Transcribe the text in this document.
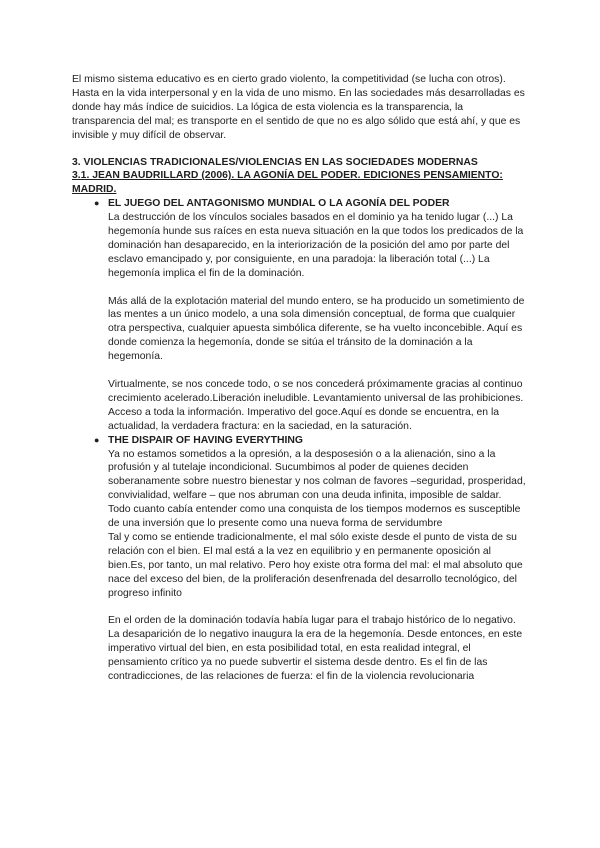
El mismo sistema educativo es en cierto grado violento, la competitividad (se lucha con otros). Hasta en la vida interpersonal y en la vida de uno mismo. En las sociedades más desarrolladas es donde hay más índice de suicidios. La lógica de esta violencia es la transparencia, la transparencia del mal; es transporte en el sentido de que no es algo sólido que está ahí, y que es invisible y muy difícil de observar.

3. VIOLENCIAS TRADICIONALES/VIOLENCIAS EN LAS SOCIEDADES MODERNAS
3.1. JEAN BAUDRILLARD (2006). LA AGONÍA DEL PODER. EDICIONES PENSAMIENTO: MADRID.
● EL JUEGO DEL ANTAGONISMO MUNDIAL O LA AGONÍA DEL PODER

La destrucción de los vínculos sociales basados en el dominio ya ha tenido lugar (...) La hegemonía hunde sus raíces en esta nueva situación en la que todos los predicados de la dominación han desaparecido, en la interiorización de la posición del amo por parte del esclavo emancipado y, por consiguiente, en una paradoja: la liberación total (...) La hegemonía implica el fin de la dominación.

Más allá de la explotación material del mundo entero, se ha producido un sometimiento de las mentes a un único modelo, a una sola dimensión conceptual, de forma que cualquier otra perspectiva, cualquier apuesta simbólica diferente, se ha vuelto inconcebible. Aquí es donde comienza la hegemonía, donde se sitúa el tránsito de la dominación a la hegemonía.

Virtualmente, se nos concede todo, o se nos concederá próximamente gracias al continuo crecimiento acelerado.Liberación ineludible. Levantamiento universal de las prohibiciones. Acceso a toda la información. Imperativo del goce.Aquí es donde se encuentra, en la actualidad, la verdadera fractura: en la saciedad, en la saturación.

● THE DISPAIR OF HAVING EVERYTHING

Ya no estamos sometidos a la opresión, a la desposesión o a la alienación, sino a la profusión y al tutelaje incondicional. Sucumbimos al poder de quienes deciden soberanamente sobre nuestro bienestar y nos colman de favores –seguridad, prosperidad, convivialidad, welfare – que nos abruman con una deuda infinita, imposible de saldar.

Todo cuanto cabía entender como una conquista de los tiempos modernos es susceptible de una inversión que lo presente como una nueva forma de servidumbre

Tal y como se entiende tradicionalmente, el mal sólo existe desde el punto de vista de su relación con el bien. El mal está a la vez en equilibrio y en permanente oposición al bien.Es, por tanto, un mal relativo. Pero hoy existe otra forma del mal: el mal absoluto que nace del exceso del bien, de la proliferación desenfrenada del desarrollo tecnológico, del progreso infinito

En el orden de la dominación todavía había lugar para el trabajo histórico de lo negativo. La desaparición de lo negativo inaugura la era de la hegemonía. Desde entonces, en este imperativo virtual del bien, en esta posibilidad total, en esta realidad integral, el pensamiento crítico ya no puede subvertir el sistema desde dentro. Es el fin de las contradicciones, de las relaciones de fuerza: el fin de la violencia revolucionaria
